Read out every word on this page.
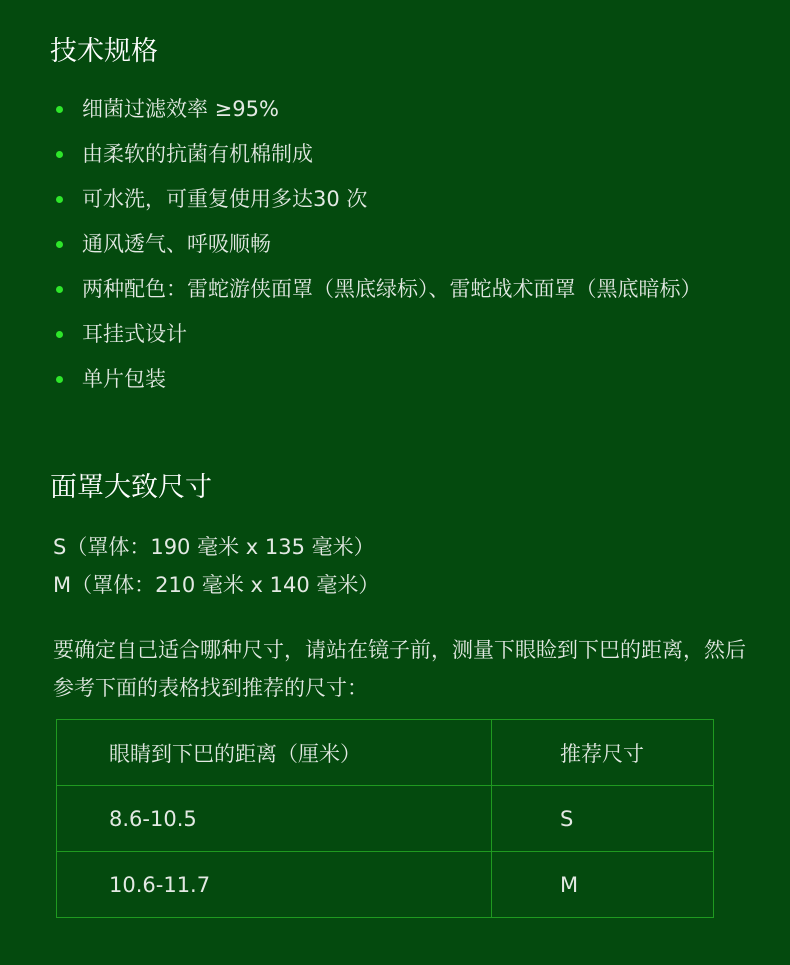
技术规格
细菌过滤效率 ≥95%
由柔软的抗菌有机棉制成
可水洗，可重复使用多达30 次
通风透气、呼吸顺畅
两种配色：雷蛇游侠面罩（黑底绿标）、雷蛇战术面罩（黑底暗标）
耳挂式设计
单片包装
面罩大致尺寸
S（罩体：190 毫米 x 135 毫米）
M（罩体：210 毫米 x 140 毫米）

要确定自己适合哪种尺寸，请站在镜子前，测量下眼睑到下巴的距离，然后参考下面的表格找到推荐的尺寸：

眼睛到下巴的距离（厘米）	推荐尺寸
8.6-10.5	S
10.6-11.7	M
